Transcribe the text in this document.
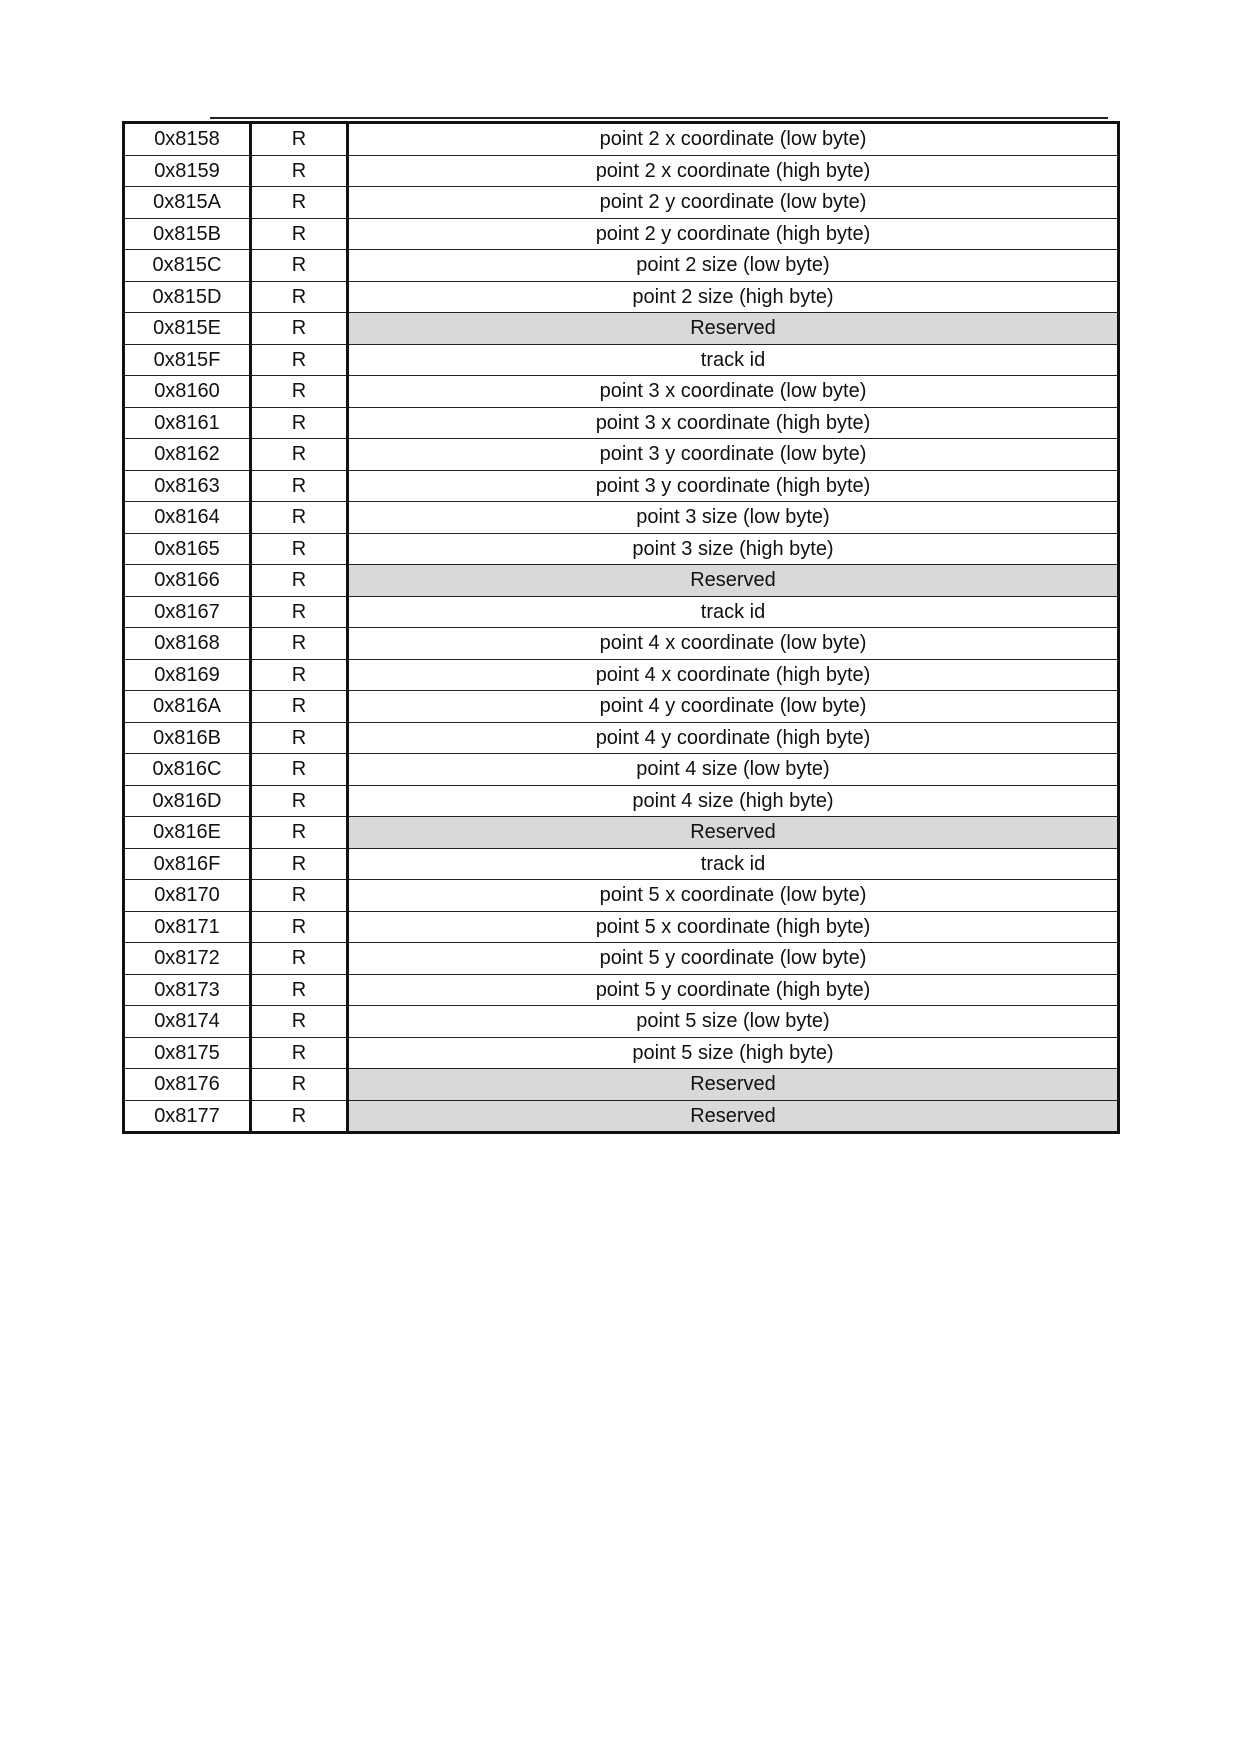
0x8158	R	point 2 x coordinate (low byte)
0x8159	R	point 2 x coordinate (high byte)
0x815A	R	point 2 y coordinate (low byte)
0x815B	R	point 2 y coordinate (high byte)
0x815C	R	point 2 size (low byte)
0x815D	R	point 2 size (high byte)
0x815E	R	Reserved
0x815F	R	track id
0x8160	R	point 3 x coordinate (low byte)
0x8161	R	point 3 x coordinate (high byte)
0x8162	R	point 3 y coordinate (low byte)
0x8163	R	point 3 y coordinate (high byte)
0x8164	R	point 3 size (low byte)
0x8165	R	point 3 size (high byte)
0x8166	R	Reserved
0x8167	R	track id
0x8168	R	point 4 x coordinate (low byte)
0x8169	R	point 4 x coordinate (high byte)
0x816A	R	point 4 y coordinate (low byte)
0x816B	R	point 4 y coordinate (high byte)
0x816C	R	point 4 size (low byte)
0x816D	R	point 4 size (high byte)
0x816E	R	Reserved
0x816F	R	track id
0x8170	R	point 5 x coordinate (low byte)
0x8171	R	point 5 x coordinate (high byte)
0x8172	R	point 5 y coordinate (low byte)
0x8173	R	point 5 y coordinate (high byte)
0x8174	R	point 5 size (low byte)
0x8175	R	point 5 size (high byte)
0x8176	R	Reserved
0x8177	R	Reserved
